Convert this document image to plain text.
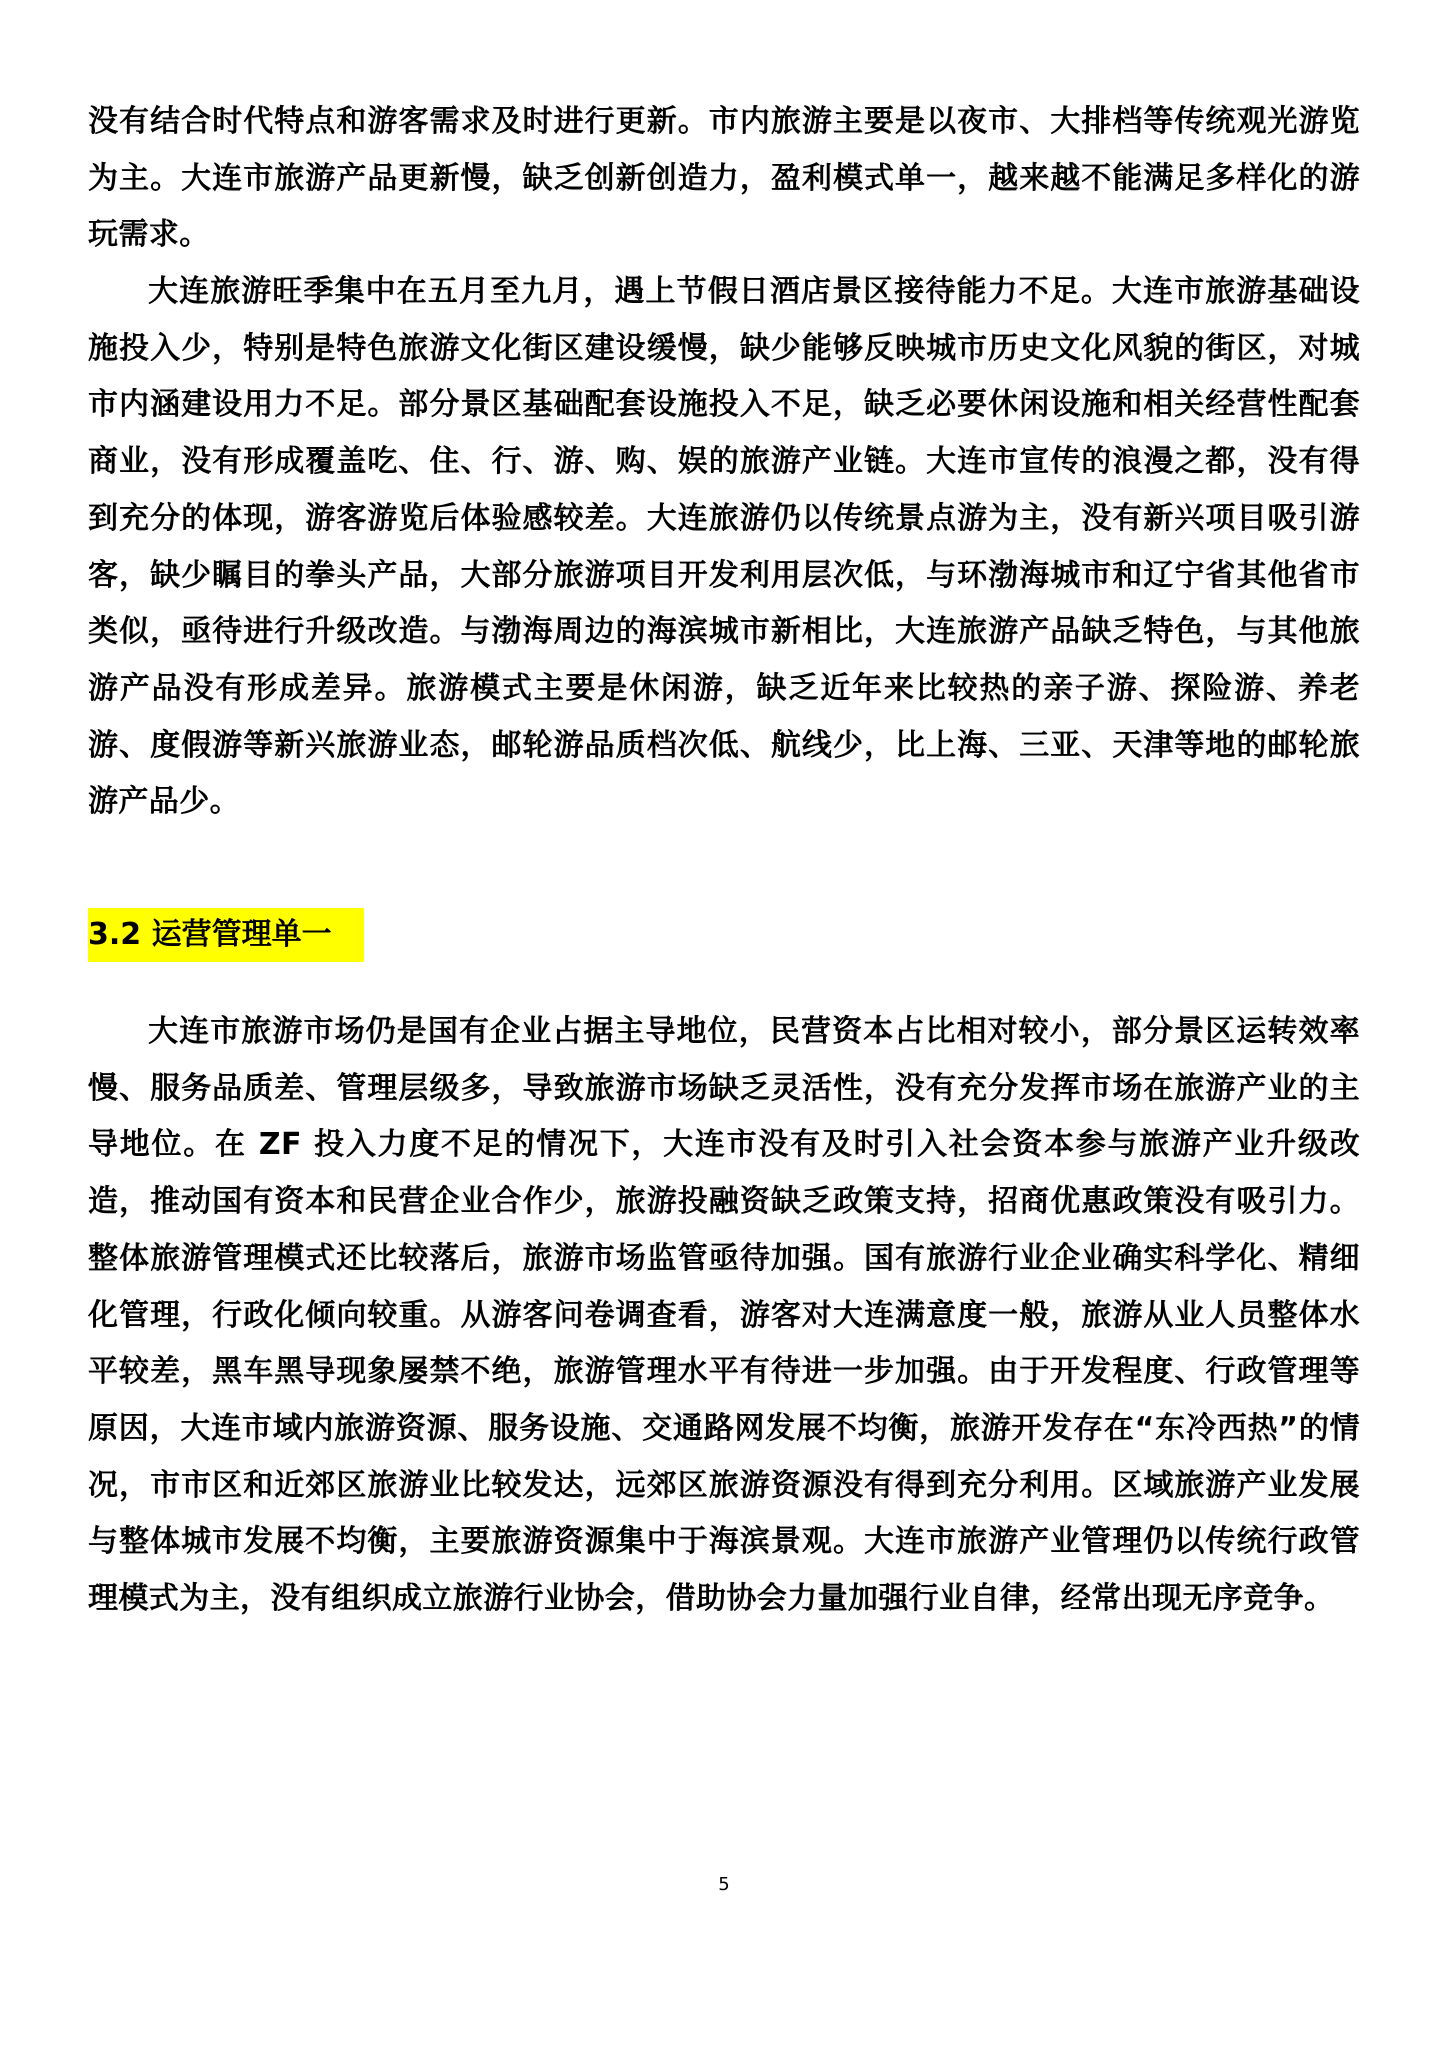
没有结合时代特点和游客需求及时进行更新。市内旅游主要是以夜市、大排档等传统观光游览为主。大连市旅游产品更新慢，缺乏创新创造力，盈利模式单一，越来越不能满足多样化的游玩需求。

大连旅游旺季集中在五月至九月，遇上节假日酒店景区接待能力不足。大连市旅游基础设施投入少，特别是特色旅游文化街区建设缓慢，缺少能够反映城市历史文化风貌的街区，对城市内涵建设用力不足。部分景区基础配套设施投入不足，缺乏必要休闲设施和相关经营性配套商业，没有形成覆盖吃、住、行、游、购、娱的旅游产业链。大连市宣传的浪漫之都，没有得到充分的体现，游客游览后体验感较差。大连旅游仍以传统景点游为主，没有新兴项目吸引游客，缺少瞩目的拳头产品，大部分旅游项目开发利用层次低，与环渤海城市和辽宁省其他省市类似，亟待进行升级改造。与渤海周边的海滨城市新相比，大连旅游产品缺乏特色，与其他旅游产品没有形成差异。旅游模式主要是休闲游，缺乏近年来比较热的亲子游、探险游、养老游、度假游等新兴旅游业态，邮轮游品质档次低、航线少，比上海、三亚、天津等地的邮轮旅游产品少。

3.2 运营管理单一

大连市旅游市场仍是国有企业占据主导地位，民营资本占比相对较小，部分景区运转效率慢、服务品质差、管理层级多，导致旅游市场缺乏灵活性，没有充分发挥市场在旅游产业的主导地位。在 ZF 投入力度不足的情况下，大连市没有及时引入社会资本参与旅游产业升级改造，推动国有资本和民营企业合作少，旅游投融资缺乏政策支持，招商优惠政策没有吸引力。整体旅游管理模式还比较落后，旅游市场监管亟待加强。国有旅游行业企业确实科学化、精细化管理，行政化倾向较重。从游客问卷调查看，游客对大连满意度一般，旅游从业人员整体水平较差，黑车黑导现象屡禁不绝，旅游管理水平有待进一步加强。由于开发程度、行政管理等原因，大连市域内旅游资源、服务设施、交通路网发展不均衡，旅游开发存在“东冷西热”的情况，市市区和近郊区旅游业比较发达，远郊区旅游资源没有得到充分利用。区域旅游产业发展与整体城市发展不均衡，主要旅游资源集中于海滨景观。大连市旅游产业管理仍以传统行政管理模式为主，没有组织成立旅游行业协会，借助协会力量加强行业自律，经常出现无序竞争。

5
